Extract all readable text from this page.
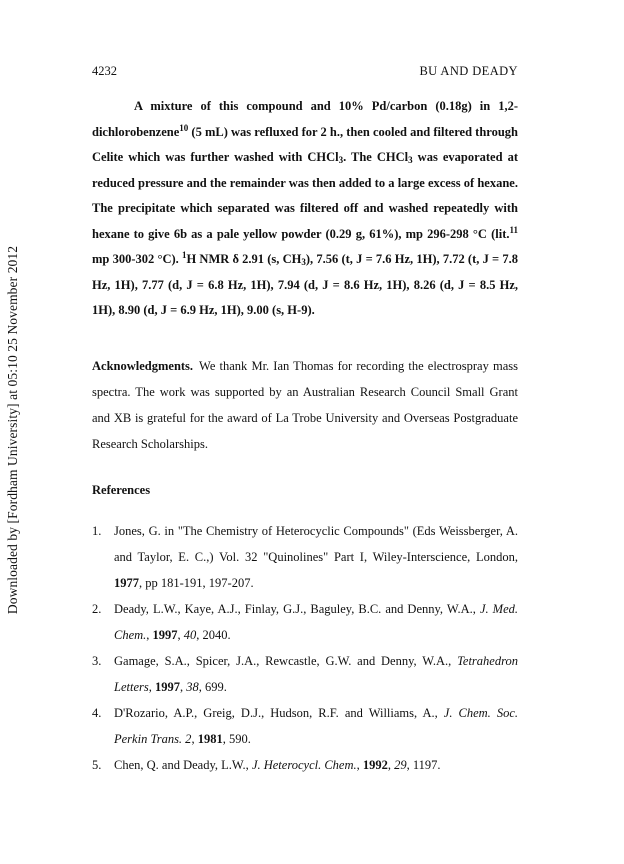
Downloaded by [Fordham University] at 05:10 25 November 2012
4232	BU AND DEADY

A mixture of this compound and 10% Pd/carbon (0.18g) in 1,2-dichlorobenzene$^{10}$ (5 mL) was refluxed for 2 h., then cooled and filtered through Celite which was further washed with CHCl$_3$. The CHCl$_3$ was evaporated at reduced pressure and the remainder was then added to a large excess of hexane. The precipitate which separated was filtered off and washed repeatedly with hexane to give 6b as a pale yellow powder (0.29 g, 61%), mp 296-298 °C (lit.$^{11}$ mp 300-302 °C). $^1$H NMR δ 2.91 (s, $CH_3$), 7.56 (t, J = 7.6 Hz, 1H), 7.72 (t, J = 7.8 Hz, 1H), 7.77 (d, J = 6.8 Hz, 1H), 7.94 (d, J = 8.6 Hz, 1H), 8.26 (d, J = 8.5 Hz, 1H), 8.90 (d, J = 6.9 Hz, 1H), 9.00 (s, H-9).

Acknowledgments. We thank Mr. Ian Thomas for recording the electrospray mass spectra. The work was supported by an Australian Research Council Small Grant and XB is grateful for the award of La Trobe University and Overseas Postgraduate Research Scholarships.
References
1. Jones, G. in "The Chemistry of Heterocyclic Compounds" (Eds Weissberger, A. and Taylor, E. C.,) Vol. 32 "Quinolines" Part I, Wiley-Interscience, London, 1977, pp 181-191, 197-207.
2. Deady, L.W., Kaye, A.J., Finlay, G.J., Baguley, B.C. and Denny, W.A., J. Med. Chem., 1997, 40, 2040.
3. Gamage, S.A., Spicer, J.A., Rewcastle, G.W. and Denny, W.A., Tetrahedron Letters, 1997, 38, 699.
4. D'Rozario, A.P., Greig, D.J., Hudson, R.F. and Williams, A., J. Chem. Soc. Perkin Trans. 2, 1981, 590.
5. Chen, Q. and Deady, L.W., J. Heterocycl. Chem., 1992, 29, 1197.
